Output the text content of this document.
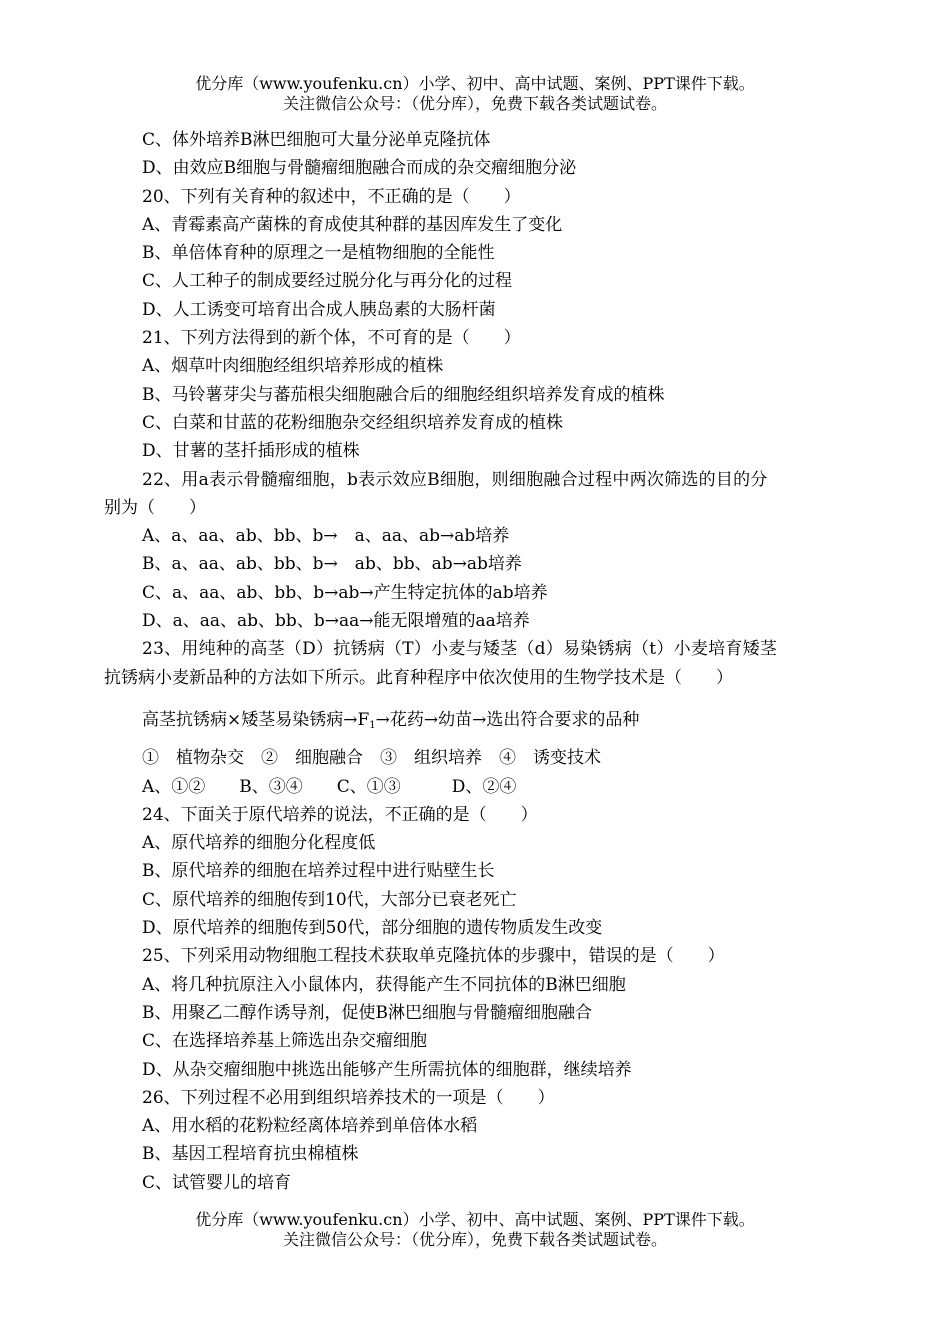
优分库（www.youfenku.cn）小学、初中、高中试题、案例、PPT课件下载。
关注微信公众号：（优分库），免费下载各类试题试卷。
C、体外培养B淋巴细胞可大量分泌单克隆抗体
D、由效应B细胞与骨髓瘤细胞融合而成的杂交瘤细胞分泌
20、下列有关育种的叙述中，不正确的是（　　）
A、青霉素高产菌株的育成使其种群的基因库发生了变化
B、单倍体育种的原理之一是植物细胞的全能性
C、人工种子的制成要经过脱分化与再分化的过程
D、人工诱变可培育出合成人胰岛素的大肠杆菌
21、下列方法得到的新个体，不可育的是（　　）
A、烟草叶肉细胞经组织培养形成的植株
B、马铃薯芽尖与蕃茄根尖细胞融合后的细胞经组织培养发育成的植株
C、白菜和甘蓝的花粉细胞杂交经组织培养发育成的植株
D、甘薯的茎扦插形成的植株
22、用a表示骨髓瘤细胞，b表示效应B细胞，则细胞融合过程中两次筛选的目的分
别为（　　）
A、a、aa、ab、bb、b→　a、aa、ab→ab培养
B、a、aa、ab、bb、b→　ab、bb、ab→ab培养
C、a、aa、ab、bb、b→ab→产生特定抗体的ab培养
D、a、aa、ab、bb、b→aa→能无限增殖的aa培养
23、用纯种的高茎（D）抗锈病（T）小麦与矮茎（d）易染锈病（t）小麦培育矮茎
抗锈病小麦新品种的方法如下所示。此育种程序中依次使用的生物学技术是（　　）
高茎抗锈病×矮茎易染锈病$\to F_1\to$花药→幼苗→选出符合要求的品种
①　植物杂交　②　细胞融合　③　组织培养　④　诱变技术
A、①②　　B、③④　　C、①③　　　D、②④
24、下面关于原代培养的说法，不正确的是（　　）
A、原代培养的细胞分化程度低
B、原代培养的细胞在培养过程中进行贴壁生长
C、原代培养的细胞传到10代，大部分已衰老死亡
D、原代培养的细胞传到50代，部分细胞的遗传物质发生改变
25、下列采用动物细胞工程技术获取单克隆抗体的步骤中，错误的是（　　）
A、将几种抗原注入小鼠体内，获得能产生不同抗体的B淋巴细胞
B、用聚乙二醇作诱导剂，促使B淋巴细胞与骨髓瘤细胞融合
C、在选择培养基上筛选出杂交瘤细胞
D、从杂交瘤细胞中挑选出能够产生所需抗体的细胞群，继续培养
26、下列过程不必用到组织培养技术的一项是（　　）
A、用水稻的花粉粒经离体培养到单倍体水稻
B、基因工程培育抗虫棉植株
C、试管婴儿的培育
优分库（www.youfenku.cn）小学、初中、高中试题、案例、PPT课件下载。
关注微信公众号：（优分库），免费下载各类试题试卷。
